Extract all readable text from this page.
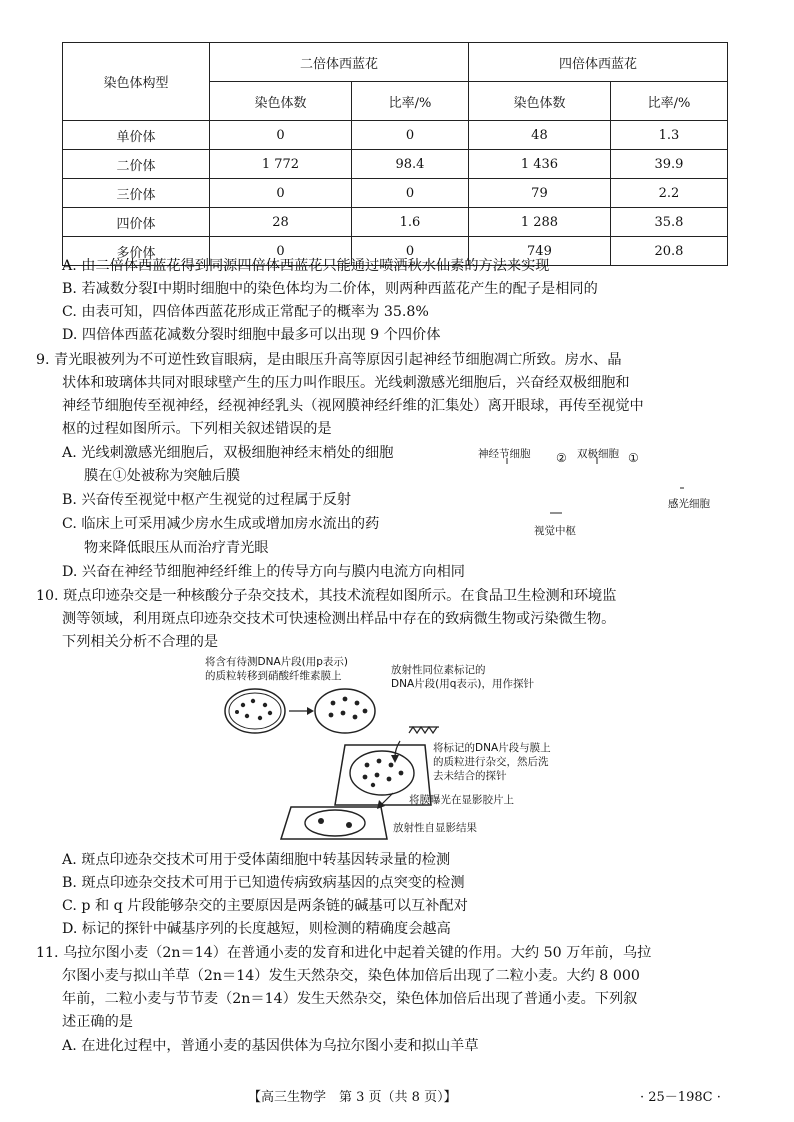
染色体构型	二倍体西蓝花		四倍体西蓝花	
	染色体数	比率/%	染色体数	比率/%
单价体	0	0	48	1.3
二价体	1 772	98.4	1 436	39.9
三价体	0	0	79	2.2
四价体	28	1.6	1 288	35.8
多价体	0	0	749	20.8
A. 由二倍体西蓝花得到同源四倍体西蓝花只能通过喷洒秋水仙素的方法来实现
B. 若减数分裂Ⅰ中期时细胞中的染色体均为二价体，则两种西蓝花产生的配子是相同的
C. 由表可知，四倍体西蓝花形成正常配子的概率为 35.8%
D. 四倍体西蓝花减数分裂时细胞中最多可以出现 9 个四价体
9. 青光眼被列为不可逆性致盲眼病，是由眼压升高等原因引起神经节细胞凋亡所致。房水、晶
状体和玻璃体共同对眼球壁产生的压力叫作眼压。光线刺激感光细胞后，兴奋经双极细胞和
神经节细胞传至视神经，经视神经乳头（视网膜神经纤维的汇集处）离开眼球，再传至视觉中
枢的过程如图所示。下列相关叙述错误的是
A. 光线刺激感光细胞后，双极细胞神经末梢处的细胞
膜在①处被称为突触后膜
B. 兴奋传至视觉中枢产生视觉的过程属于反射
C. 临床上可采用减少房水生成或增加房水流出的药
物来降低眼压从而治疗青光眼
D. 兴奋在神经节细胞神经纤维上的传导方向与膜内电流方向相同
神经节细胞 ② 双极细胞 ①
感光细胞
视觉中枢
10. 斑点印迹杂交是一种核酸分子杂交技术，其技术流程如图所示。在食品卫生检测和环境监
测等领域，利用斑点印迹杂交技术可快速检测出样品中存在的致病微生物或污染微生物。
下列相关分析不合理的是
将含有待测DNA片段(用p表示)
的质粒转移到硝酸纤维素膜上	放射性同位素标记的
DNA片段(用q表示)，用作探针
将标记的DNA片段与膜上
的质粒进行杂交，然后洗
去未结合的探针
将膜曝光在显影胶片上
放射性自显影结果
A. 斑点印迹杂交技术可用于受体菌细胞中转基因转录量的检测
B. 斑点印迹杂交技术可用于已知遗传病致病基因的点突变的检测
C. p 和 q 片段能够杂交的主要原因是两条链的碱基可以互补配对
D. 标记的探针中碱基序列的长度越短，则检测的精确度会越高
11. 乌拉尔图小麦（2n＝14）在普通小麦的发育和进化中起着关键的作用。大约 50 万年前，乌拉
尔图小麦与拟山羊草（2n＝14）发生天然杂交，染色体加倍后出现了二粒小麦。大约 8 000
年前，二粒小麦与节节麦（2n＝14）发生天然杂交，染色体加倍后出现了普通小麦。下列叙
述正确的是
A. 在进化过程中，普通小麦的基因供体为乌拉尔图小麦和拟山羊草
【高三生物学　第 3 页（共 8 页）】	· 25－198C ·
